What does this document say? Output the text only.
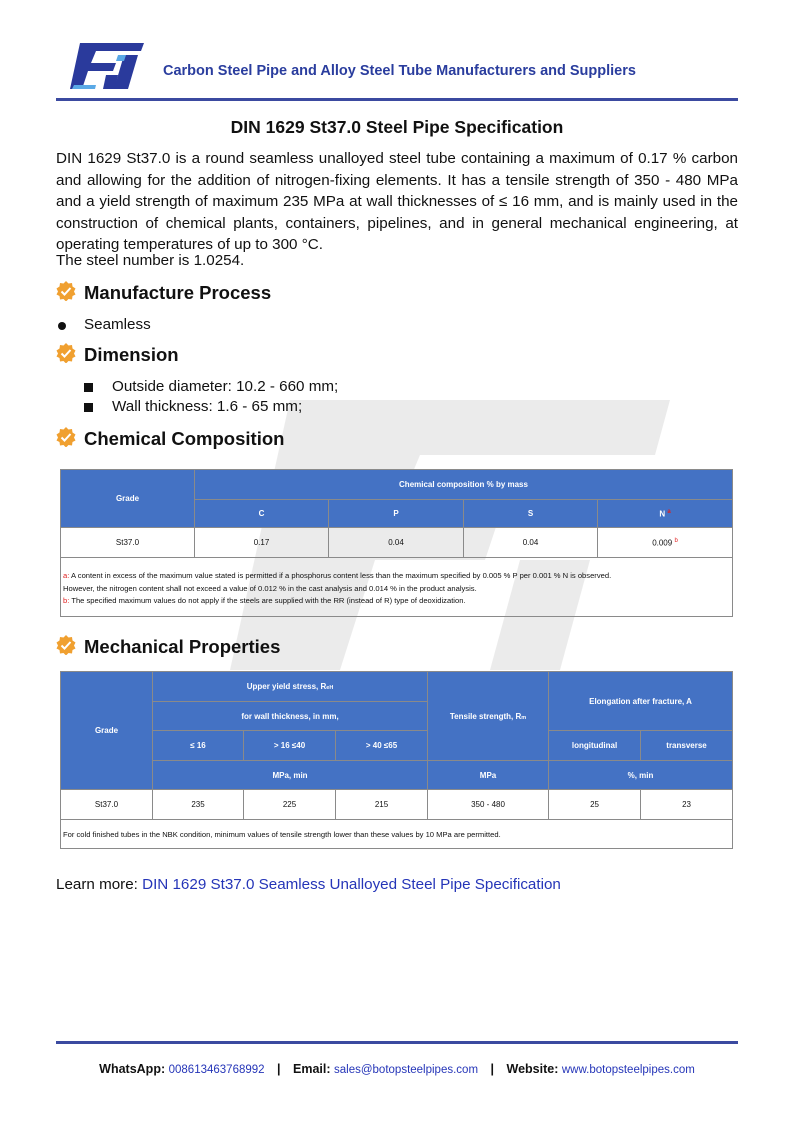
Carbon Steel Pipe and Alloy Steel Tube Manufacturers and Suppliers
DIN 1629 St37.0 Steel Pipe Specification

DIN 1629 St37.0 is a round seamless unalloyed steel tube containing a maximum of 0.17 % carbon and allowing for the addition of nitrogen-fixing elements. It has a tensile strength of 350 - 480 MPa and a yield strength of maximum 235 MPa at wall thicknesses of ≤ 16 mm, and is mainly used in the construction of chemical plants, containers, pipelines, and in general mechanical engineering, at operating temperatures of up to 300 °C.

The steel number is 1.0254.

Manufacture Process
Seamless
Dimension
Outside diameter: 10.2 - 660 mm;
Wall thickness: 1.6 - 65 mm;
Chemical Composition
Grade	Chemical composition % by mass			
	C	P	S	N $^a$
St37.0	0.17	0.04	0.04	0.009 $^b$
a: A content in excess of the maximum value stated is permitted if a phosphorus content less than the maximum specified by 0.005 % P per 0.001 % N is observed.
However, the nitrogen content shall not exceed a value of 0.012 % in the cast analysis and 0.014 % in the product analysis.
b: The specified maximum values do not apply if the steels are supplied with the RR (instead of R) type of deoxidization.				
Mechanical Properties
Grade	Upper yield stress, ReH			Tensile strength, Rm	Elongation after fracture, A	
	for wall thickness, in mm,					
	≤ 16	> 16 ≤40	> 40 ≤65		longitudinal	transverse
	MPa, min			MPa	%, min	
St37.0	235	225	215	350 - 480	25	23
For cold finished tubes in the NBK condition, minimum values of tensile strength lower than these values by 10 MPa are permitted.						
Learn more: DIN 1629 St37.0 Seamless Unalloyed Steel Pipe Specification
WhatsApp: 008613463768992 | Email: sales@botopsteelpipes.com | Website: www.botopsteelpipes.com
